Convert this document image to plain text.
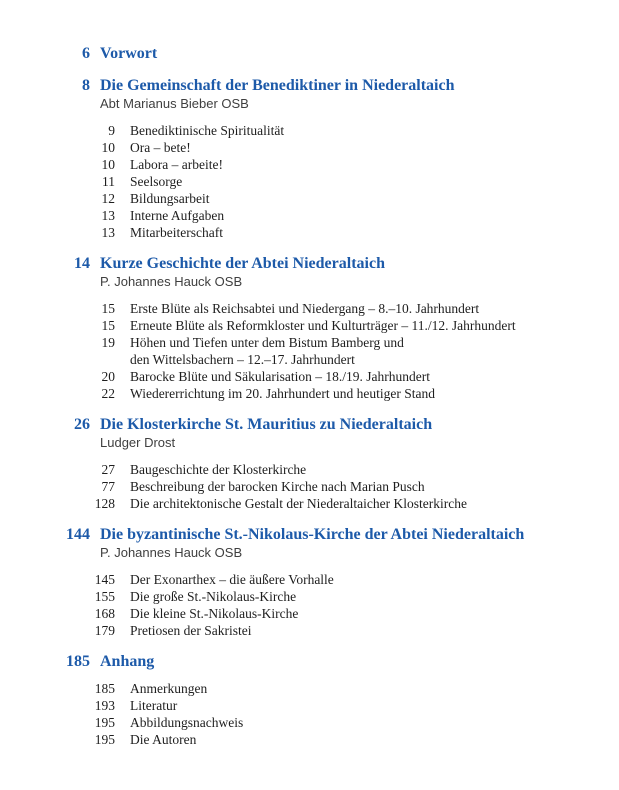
6 Vorwort
8 Die Gemeinschaft der Benediktiner in Niederaltaich
Abt Marianus Bieber OSB
9 Benediktinische Spiritualität
10 Ora – bete!
10 Labora – arbeite!
11 Seelsorge
12 Bildungsarbeit
13 Interne Aufgaben
13 Mitarbeiterschaft
14 Kurze Geschichte der Abtei Niederaltaich
P. Johannes Hauck OSB
15 Erste Blüte als Reichsabtei und Niedergang – 8.–10. Jahrhundert
15 Erneute Blüte als Reformkloster und Kulturträger – 11./12. Jahrhundert
19 Höhen und Tiefen unter dem Bistum Bamberg und
den Wittelsbachern – 12.–17. Jahrhundert
20 Barocke Blüte und Säkularisation – 18./19. Jahrhundert
22 Wiedererrichtung im 20. Jahrhundert und heutiger Stand
26 Die Klosterkirche St. Mauritius zu Niederaltaich
Ludger Drost
27 Baugeschichte der Klosterkirche
77 Beschreibung der barocken Kirche nach Marian Pusch
128 Die architektonische Gestalt der Niederaltaicher Klosterkirche
144 Die byzantinische St.-Nikolaus-Kirche der Abtei Niederaltaich
P. Johannes Hauck OSB
145 Der Exonarthex – die äußere Vorhalle
155 Die große St.-Nikolaus-Kirche
168 Die kleine St.-Nikolaus-Kirche
179 Pretiosen der Sakristei
185 Anhang
185 Anmerkungen
193 Literatur
195 Abbildungsnachweis
195 Die Autoren
